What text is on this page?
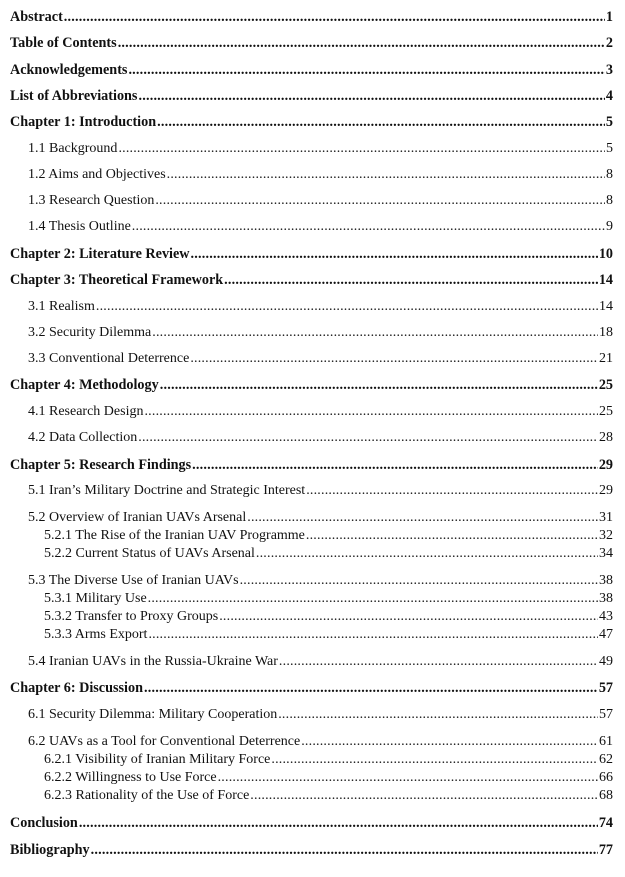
Abstract .....	1
Table of Contents .....	2
Acknowledgements .....	3
List of Abbreviations .....	4
Chapter 1: Introduction .....	5
1.1 Background .....	5
1.2 Aims and Objectives .....	8
1.3 Research Question .....	8
1.4 Thesis Outline .....	9
Chapter 2: Literature Review .....	10
Chapter 3: Theoretical Framework .....	14
3.1 Realism .....	14
3.2 Security Dilemma .....	18
3.3 Conventional Deterrence .....	21
Chapter 4: Methodology .....	25
4.1 Research Design .....	25
4.2 Data Collection .....	28
Chapter 5: Research Findings .....	29
5.1 Iran’s Military Doctrine and Strategic Interest .....	29
5.2 Overview of Iranian UAVs Arsenal .....	31
5.2.1 The Rise of the Iranian UAV Programme .....	32
5.2.2 Current Status of UAVs Arsenal .....	34
5.3 The Diverse Use of Iranian UAVs .....	38
5.3.1 Military Use .....	38
5.3.2 Transfer to Proxy Groups .....	43
5.3.3 Arms Export .....	47
5.4 Iranian UAVs in the Russia-Ukraine War .....	49
Chapter 6: Discussion .....	57
6.1 Security Dilemma: Military Cooperation .....	57
6.2 UAVs as a Tool for Conventional Deterrence .....	61
6.2.1 Visibility of Iranian Military Force .....	62
6.2.2 Willingness to Use Force .....	66
6.2.3 Rationality of the Use of Force .....	68
Conclusion .....	74
Bibliography .....	77
